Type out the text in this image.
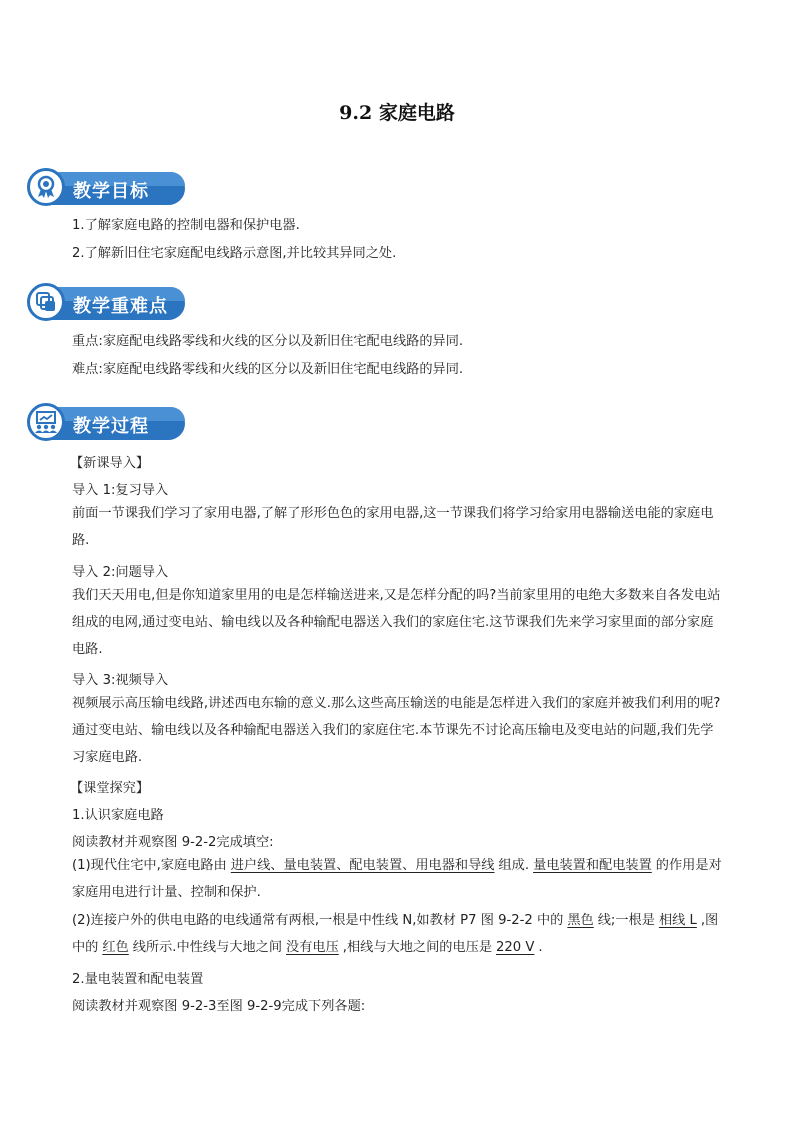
9.2 家庭电路
教学目标
1.了解家庭电路的控制电器和保护电器.
2.了解新旧住宅家庭配电线路示意图,并比较其异同之处.
教学重难点
重点:家庭配电线路零线和火线的区分以及新旧住宅配电线路的异同.
难点:家庭配电线路零线和火线的区分以及新旧住宅配电线路的异同.
教学过程
【新课导入】
导入 1:复习导入
前面一节课我们学习了家用电器,了解了形形色色的家用电器,这一节课我们将学习给家用电器输送电能的家庭电路.
导入 2:问题导入
我们天天用电,但是你知道家里用的电是怎样输送进来,又是怎样分配的吗?当前家里用的电绝大多数来自各发电站组成的电网,通过变电站、输电线以及各种输配电器送入我们的家庭住宅.这节课我们先来学习家里面的部分家庭电路.
导入 3:视频导入
视频展示高压输电线路,讲述西电东输的意义.那么这些高压输送的电能是怎样进入我们的家庭并被我们利用的呢?通过变电站、输电线以及各种输配电器送入我们的家庭住宅.本节课先不讨论高压输电及变电站的问题,我们先学习家庭电路.
【课堂探究】
1.认识家庭电路
阅读教材并观察图 9-2-2完成填空:
(1)现代住宅中,家庭电路由 进户线、量电装置、配电装置、用电器和导线 组成. 量电装置和配电装置 的作用是对家庭用电进行计量、控制和保护.
(2)连接户外的供电电路的电线通常有两根,一根是中性线 N,如教材 P7 图 9-2-2 中的 黑色 线;一根是 相线 L ,图中的 红色 线所示.中性线与大地之间 没有电压 ,相线与大地之间的电压是 220 V .
2.量电装置和配电装置
阅读教材并观察图 9-2-3至图 9-2-9完成下列各题:
